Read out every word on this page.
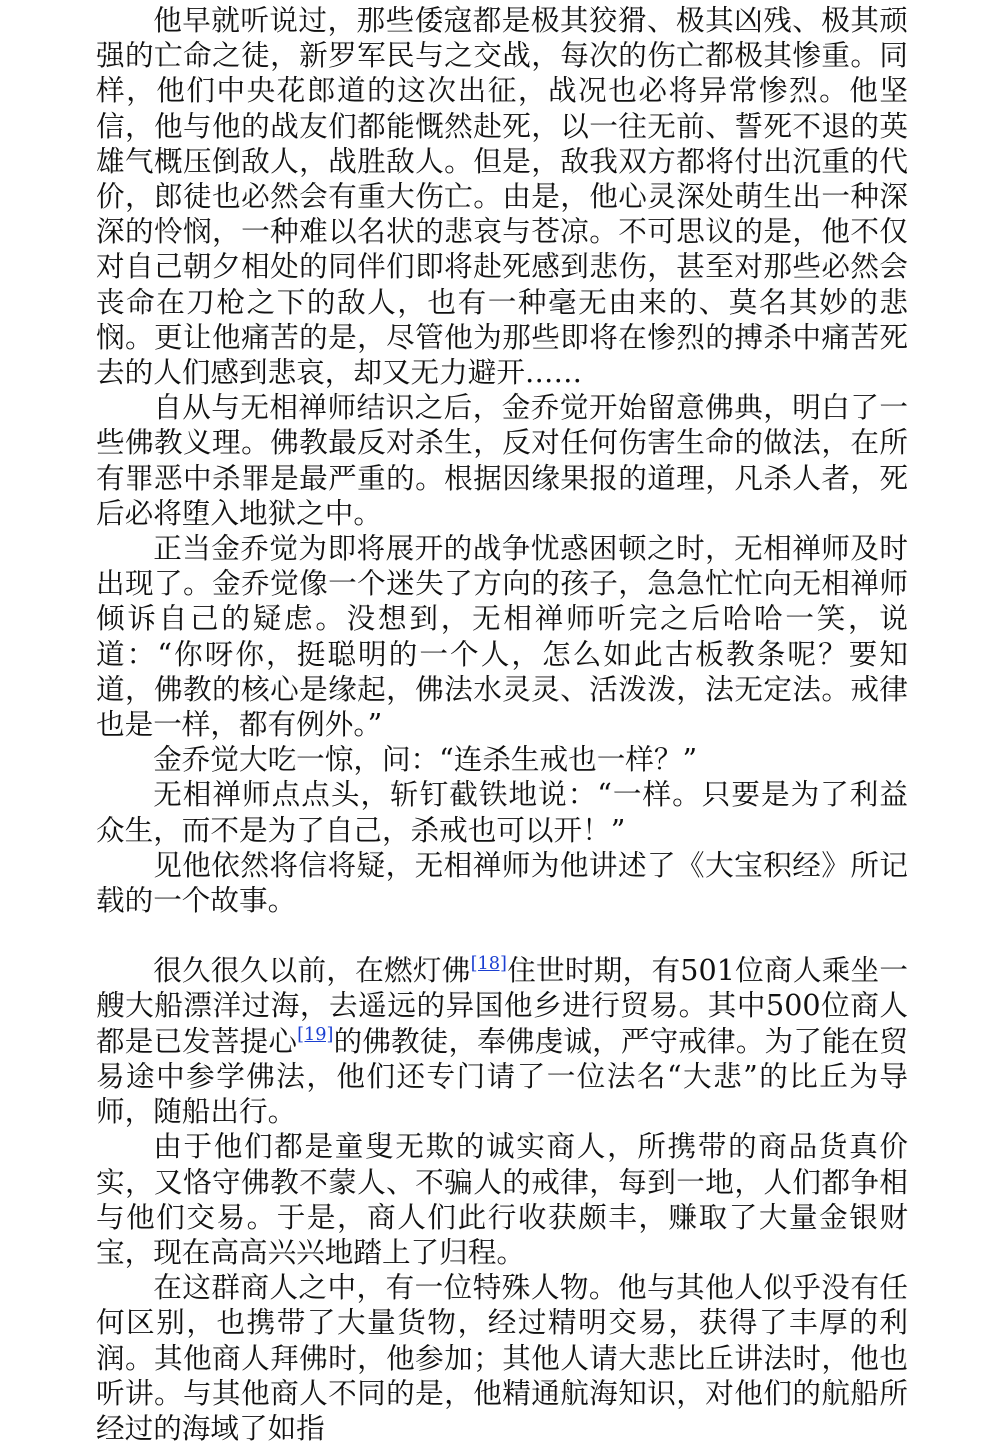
他早就听说过，那些倭寇都是极其狡猾、极其凶残、极其顽强的亡命之徒，新罗军民与之交战，每次的伤亡都极其惨重。同样，他们中央花郎道的这次出征，战况也必将异常惨烈。他坚信，他与他的战友们都能慨然赴死，以一往无前、誓死不退的英雄气概压倒敌人，战胜敌人。但是，敌我双方都将付出沉重的代价，郎徒也必然会有重大伤亡。由是，他心灵深处萌生出一种深深的怜悯，一种难以名状的悲哀与苍凉。不可思议的是，他不仅对自己朝夕相处的同伴们即将赴死感到悲伤，甚至对那些必然会丧命在刀枪之下的敌人，也有一种毫无由来的、莫名其妙的悲悯。更让他痛苦的是，尽管他为那些即将在惨烈的搏杀中痛苦死去的人们感到悲哀，却又无力避开……

自从与无相禅师结识之后，金乔觉开始留意佛典，明白了一些佛教义理。佛教最反对杀生，反对任何伤害生命的做法，在所有罪恶中杀罪是最严重的。根据因缘果报的道理，凡杀人者，死后必将堕入地狱之中。

正当金乔觉为即将展开的战争忧惑困顿之时，无相禅师及时出现了。金乔觉像一个迷失了方向的孩子，急急忙忙向无相禅师倾诉自己的疑虑。没想到，无相禅师听完之后哈哈一笑，说道：“你呀你，挺聪明的一个人，怎么如此古板教条呢？要知道，佛教的核心是缘起，佛法水灵灵、活泼泼，法无定法。戒律也是一样，都有例外。”

金乔觉大吃一惊，问：“连杀生戒也一样？”

无相禅师点点头，斩钉截铁地说：“一样。只要是为了利益众生，而不是为了自己，杀戒也可以开！”

见他依然将信将疑，无相禅师为他讲述了《大宝积经》所记载的一个故事。

很久很久以前，在燃灯佛[18]住世时期，有501位商人乘坐一艘大船漂洋过海，去遥远的异国他乡进行贸易。其中500位商人都是已发菩提心[19]的佛教徒，奉佛虔诚，严守戒律。为了能在贸易途中参学佛法，他们还专门请了一位法名“大悲”的比丘为导师，随船出行。

由于他们都是童叟无欺的诚实商人，所携带的商品货真价实，又恪守佛教不蒙人、不骗人的戒律，每到一地，人们都争相与他们交易。于是，商人们此行收获颇丰，赚取了大量金银财宝，现在高高兴兴地踏上了归程。

在这群商人之中，有一位特殊人物。他与其他人似乎没有任何区别，也携带了大量货物，经过精明交易，获得了丰厚的利润。其他商人拜佛时，他参加；其他人请大悲比丘讲法时，他也听讲。与其他商人不同的是，他精通航海知识，对他们的航船所经过的海域了如指
